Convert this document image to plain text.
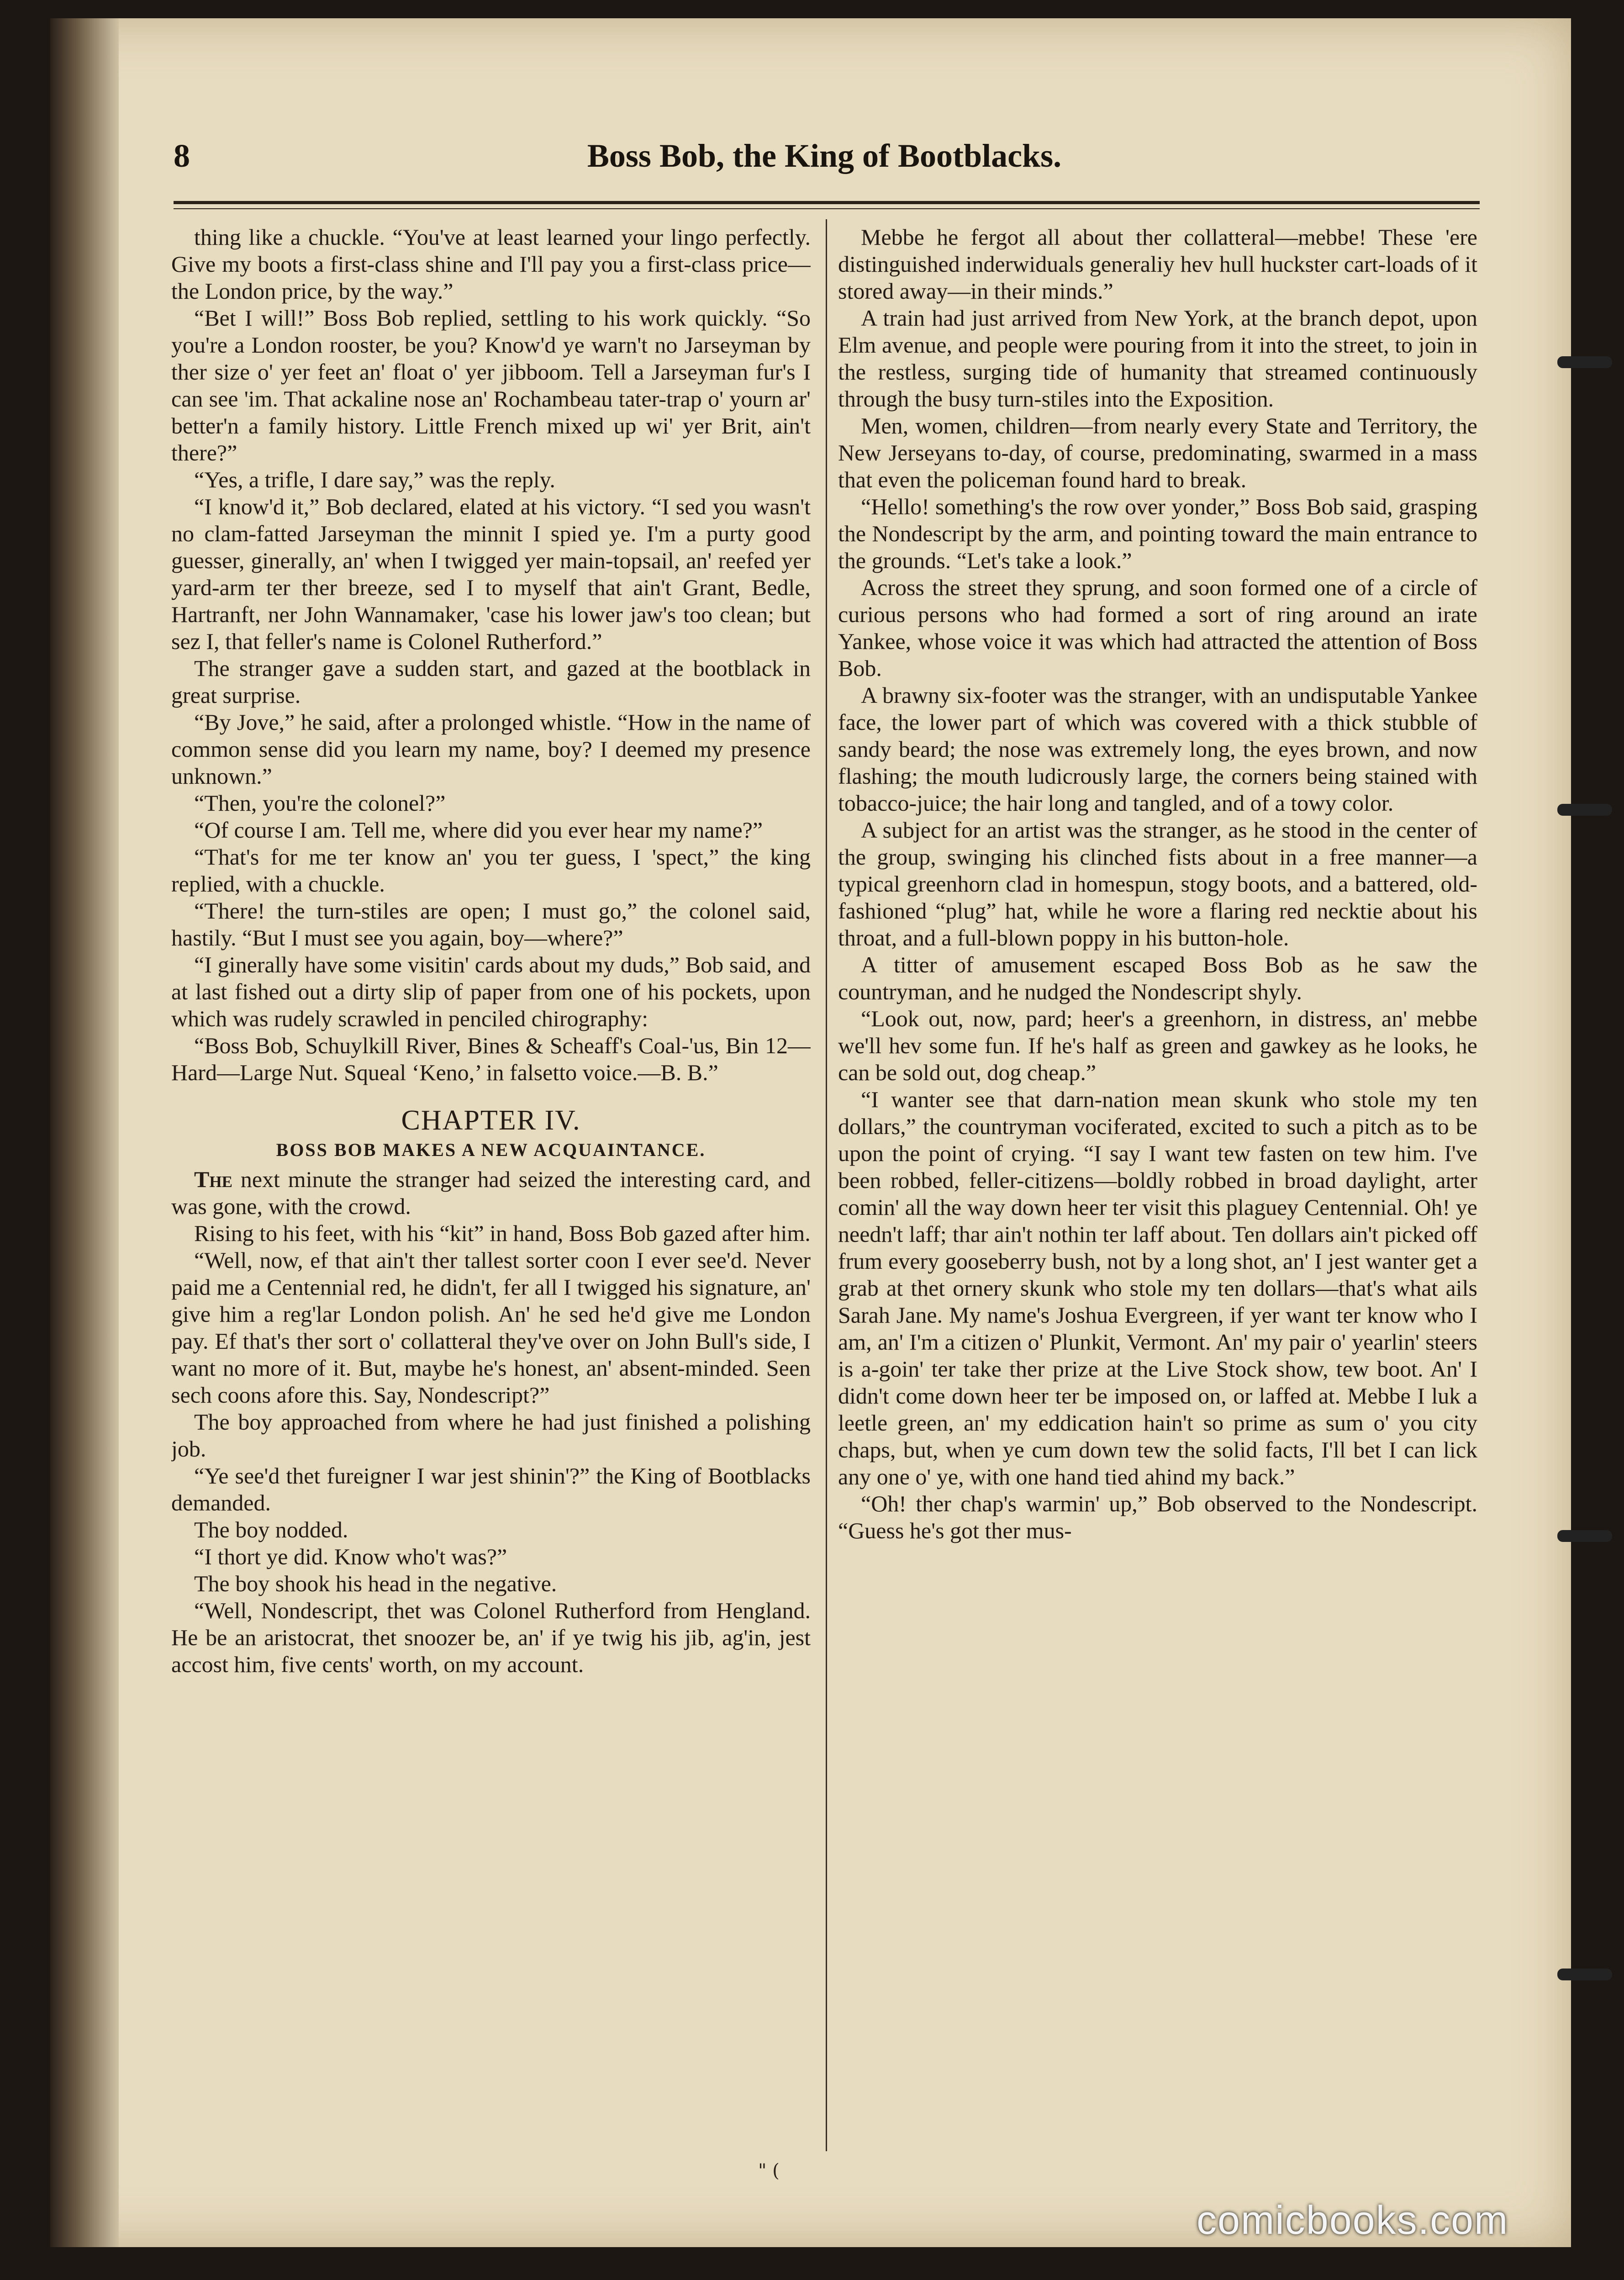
8	Boss Bob, the King of Bootblacks.

thing like a chuckle. “You've at least learned your lingo perfectly. Give my boots a first-class shine and I'll pay you a first-class price—the London price, by the way.”

“Bet I will!” Boss Bob replied, settling to his work quickly. “So you're a London rooster, be you? Know'd ye warn't no Jarseyman by ther size o' yer feet an' float o' yer jibboom. Tell a Jarseyman fur's I can see 'im. That ackaline nose an' Rochambeau tater-trap o' yourn ar' better'n a family history. Little French mixed up wi' yer Brit, ain't there?”

“Yes, a trifle, I dare say,” was the reply.

“I know'd it,” Bob declared, elated at his victory. “I sed you wasn't no clam-fatted Jarseyman the minnit I spied ye. I'm a purty good guesser, ginerally, an' when I twigged yer main-topsail, an' reefed yer yard-arm ter ther breeze, sed I to myself that ain't Grant, Bedle, Hartranft, ner John Wannamaker, 'case his lower jaw's too clean; but sez I, that feller's name is Colonel Rutherford.”

The stranger gave a sudden start, and gazed at the bootblack in great surprise.

“By Jove,” he said, after a prolonged whistle. “How in the name of common sense did you learn my name, boy? I deemed my presence unknown.”

“Then, you're the colonel?”

“Of course I am. Tell me, where did you ever hear my name?”

“That's for me ter know an' you ter guess, I 'spect,” the king replied, with a chuckle.

“There! the turn-stiles are open; I must go,” the colonel said, hastily. “But I must see you again, boy—where?”

“I ginerally have some visitin' cards about my duds,” Bob said, and at last fished out a dirty slip of paper from one of his pockets, upon which was rudely scrawled in penciled chirography:

“Boss Bob, Schuylkill River, Bines & Scheaff's Coal-'us, Bin 12—Hard—Large Nut. Squeal ‘Keno,’ in falsetto voice.—B. B.”

CHAPTER IV.
BOSS BOB MAKES A NEW ACQUAINTANCE.

The next minute the stranger had seized the interesting card, and was gone, with the crowd.

Rising to his feet, with his “kit” in hand, Boss Bob gazed after him.

“Well, now, ef that ain't ther tallest sorter coon I ever see'd. Never paid me a Centennial red, he didn't, fer all I twigged his signature, an' give him a reg'lar London polish. An' he sed he'd give me London pay. Ef that's ther sort o' collatteral they've over on John Bull's side, I want no more of it. But, maybe he's honest, an' absent-minded. Seen sech coons afore this. Say, Nondescript?”

The boy approached from where he had just finished a polishing job.

“Ye see'd thet fureigner I war jest shinin'?” the King of Bootblacks demanded.

The boy nodded.

“I thort ye did. Know who't was?”

The boy shook his head in the negative.

“Well, Nondescript, thet was Colonel Rutherford from Hengland. He be an aristocrat, thet snoozer be, an' if ye twig his jib, ag'in, jest accost him, five cents' worth, on my account.

Mebbe he fergot all about ther collatteral—mebbe! These 'ere distinguished inderwiduals generaliy hev hull huckster cart-loads of it stored away—in their minds.”

A train had just arrived from New York, at the branch depot, upon Elm avenue, and people were pouring from it into the street, to join in the restless, surging tide of humanity that streamed continuously through the busy turn-stiles into the Exposition.

Men, women, children—from nearly every State and Territory, the New Jerseyans to-day, of course, predominating, swarmed in a mass that even the policeman found hard to break.

“Hello! something's the row over yonder,” Boss Bob said, grasping the Nondescript by the arm, and pointing toward the main entrance to the grounds. “Let's take a look.”

Across the street they sprung, and soon formed one of a circle of curious persons who had formed a sort of ring around an irate Yankee, whose voice it was which had attracted the attention of Boss Bob.

A brawny six-footer was the stranger, with an undisputable Yankee face, the lower part of which was covered with a thick stubble of sandy beard; the nose was extremely long, the eyes brown, and now flashing; the mouth ludicrously large, the corners being stained with tobacco-juice; the hair long and tangled, and of a towy color.

A subject for an artist was the stranger, as he stood in the center of the group, swinging his clinched fists about in a free manner—a typical greenhorn clad in homespun, stogy boots, and a battered, old-fashioned “plug” hat, while he wore a flaring red necktie about his throat, and a full-blown poppy in his button-hole.

A titter of amusement escaped Boss Bob as he saw the countryman, and he nudged the Nondescript shyly.

“Look out, now, pard; heer's a greenhorn, in distress, an' mebbe we'll hev some fun. If he's half as green and gawkey as he looks, he can be sold out, dog cheap.”

“I wanter see that darn-nation mean skunk who stole my ten dollars,” the countryman vociferated, excited to such a pitch as to be upon the point of crying. “I say I want tew fasten on tew him. I've been robbed, feller-citizens—boldly robbed in broad daylight, arter comin' all the way down heer ter visit this plaguey Centennial. Oh! ye needn't laff; thar ain't nothin ter laff about. Ten dollars ain't picked off frum every gooseberry bush, not by a long shot, an' I jest wanter get a grab at thet ornery skunk who stole my ten dollars—that's what ails Sarah Jane. My name's Joshua Evergreen, if yer want ter know who I am, an' I'm a citizen o' Plunkit, Vermont. An' my pair o' yearlin' steers is a-goin' ter take ther prize at the Live Stock show, tew boot. An' I didn't come down heer ter be imposed on, or laffed at. Mebbe I luk a leetle green, an' my eddication hain't so prime as sum o' you city chaps, but, when ye cum down tew the solid facts, I'll bet I can lick any one o' ye, with one hand tied ahind my back.”

“Oh! ther chap's warmin' up,” Bob observed to the Nondescript. “Guess he's got ther mus-

" (
comicbooks.com
